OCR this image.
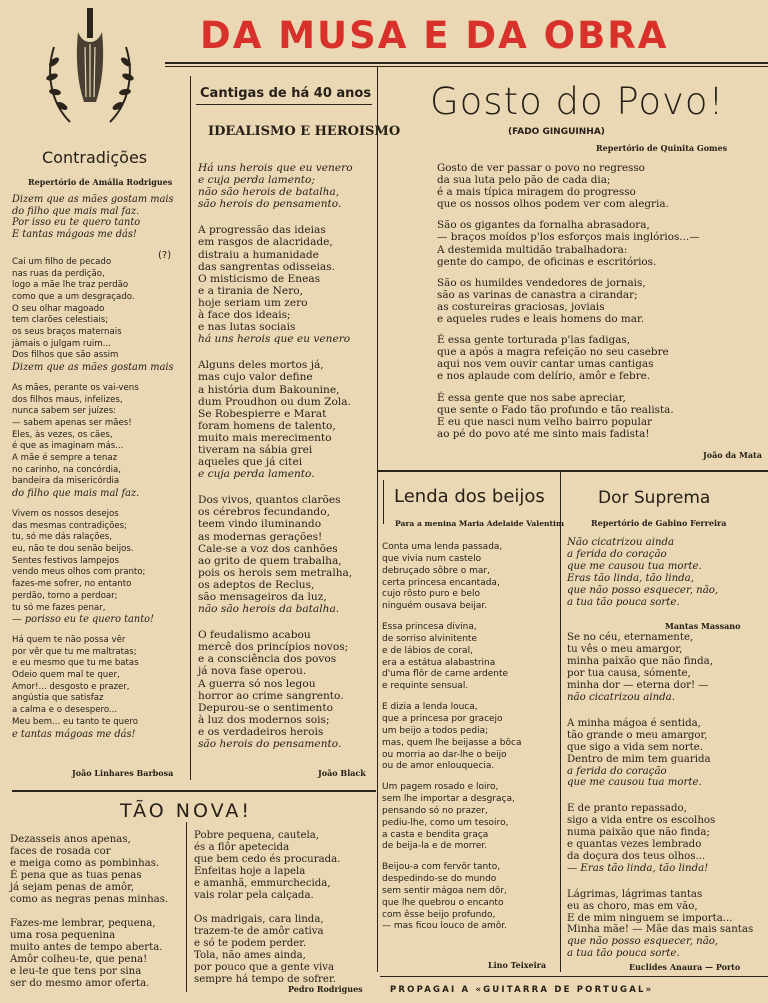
DA MUSA E DA OBRA
Contradições
Repertório de Amália Rodrigues
(?)

Dizem que as mães gostam mais
do filho que mais mal faz.
Por isso eu te quero tanto
E tantas mágoas me dás!

Cai um filho de pecado
nas ruas da perdição,
logo a mãe lhe traz perdão
como que a um desgraçado.
O seu olhar magoado
tem clarões celestiais;
os seus braços maternais
jàmais o julgam ruim...
Dos filhos que são assim
Dizem que as mães gostam mais

As mães, perante os vai-vens
dos filhos maus, infelizes,
nunca sabem ser juízes:
— sabem apenas ser mães!
Eles, às vezes, os cães,
é que as imaginam más...
A mãe é sempre a tenaz
no carinho, na concórdia,
bandeira da misericórdia
do filho que mais mal faz.

Vivem os nossos desejos
das mesmas contradições;
tu, só me dás ralações,
eu, não te dou senão beijos.
Sentes festivos lampejos
vendo meus olhos com pranto;
fazes-me sofrer, no entanto
perdão, torno a perdoar;
tu só me fazes penar,
— porisso eu te quero tanto!

Há quem te não possa vêr
por vêr que tu me maltratas;
e eu mesmo que tu me batas
Odeio quem mal te quer,
Amor!... desgosto e prazer,
angústia que satisfaz
a calma e o desespero...
Meu bem... eu tanto te quero
e tantas mágoas me dás!

João Linhares Barbosa
Cantigas de há 40 anos
IDEALISMO E HEROISMO

Há uns herois que eu venero
e cuja perda lamento;
não são herois de batalha,
são herois do pensamento.

A progressão das ideias
em rasgos de alacridade,
distraiu a humanidade
das sangrentas odisseias.
O misticismo de Eneas
e a tirania de Nero,
hoje seriam um zero
à face dos ideais;
e nas lutas sociais
há uns herois que eu venero

Alguns deles mortos já,
mas cujo valor define
a história dum Bakounine,
dum Proudhon ou dum Zola.
Se Robespierre e Marat
foram homens de talento,
muito mais merecimento
tiveram na sábia grei
aqueles que já citei
e cuja perda lamento.

Dos vivos, quantos clarões
os cérebros fecundando,
teem vindo iluminando
as modernas gerações!
Cale-se a voz dos canhões
ao grito de quem trabalha,
pois os herois sem metralha,
os adeptos de Reclus,
são mensageiros da luz,
não são herois da batalha.

O feudalismo acabou
mercê dos princípios novos;
e a consciência dos povos
já nova fase operou.
A guerra só nos legou
horror ao crime sangrento.
Depurou-se o sentimento
à luz dos modernos sois;
e os verdadeiros herois
são herois do pensamento.

João Black
Gosto do Povo!
(FADO GINGUINHA)
Repertório de Quinita Gomes

Gosto de ver passar o povo no regresso
da sua luta pelo pão de cada dia;
é a mais típica miragem do progresso
que os nossos olhos podem ver com alegria.

São os gigantes da fornalha abrasadora,
— braços moídos p'los esforços mais inglórios...—
A destemida multidão trabalhadora:
gente do campo, de oficinas e escritórios.

São os humildes vendedores de jornais,
são as varinas de canastra a cirandar;
as costureiras graciosas, joviais
e aqueles rudes e leais homens do mar.

É essa gente torturada p'las fadigas,
que a após a magra refeição no seu casebre
aqui nos vem ouvir cantar umas cantigas
e nos aplaude com delírio, amôr e febre.

É essa gente que nos sabe apreciar,
que sente o Fado tão profundo e tão realista.
E eu que nasci num velho bairro popular
ao pé do povo até me sinto mais fadista!

João da Mata
Lenda dos beijos
Para a menina Maria Adelaide Valentim

Conta uma lenda passada,
que vivia num castelo
debruçado sôbre o mar,
certa princesa encantada,
cujo rôsto puro e belo
ninguém ousava beijar.

Essa princesa divina,
de sorriso alvinitente
e de lábios de coral,
era a estátua alabastrina
d'uma flôr de carne ardente
e requinte sensual.

E dizia a lenda louca,
que a princesa por gracejo
um beijo a todos pedia;
mas, quem lhe beijasse a bôca
ou morria ao dar-lhe o beijo
ou de amor enlouquecia.

Um pagem rosado e loiro,
sem lhe importar a desgraça,
pensando só no prazer,
pediu-lhe, como um tesoiro,
a casta e bendita graça
de beija-la e de morrer.

Beijou-a com fervôr tanto,
despedindo-se do mundo
sem sentir mágoa nem dôr,
que lhe quebrou o encanto
com êsse beijo profundo,
— mas ficou louco de amôr.

Lino Teixeira
Dor Suprema
Repertório de Gabino Ferreira

Não cicatrizou ainda
a ferida do coração
que me causou tua morte.
Eras tão linda, tão linda,
que não posso esquecer, não,
a tua tão pouca sorte.

Se no céu, eternamente,
tu vês o meu amargor,
minha paixão que não finda,
por tua causa, sómente,
minha dor — eterna dor! —
não cicatrizou ainda.

A minha mágoa é sentida,
tão grande o meu amargor,
que sigo a vida sem norte.
Dentro de mim tem guarida
a ferida do coração
que me causou tua morte.

E de pranto repassado,
sigo a vida entre os escolhos
numa paixão que não finda;
e quantas vezes lembrado
da doçura dos teus olhos...
— Eras tão linda, tão linda!

Lágrimas, lágrimas tantas
eu as choro, mas em vão,
E de mim ninguem se importa...
Minha mãe! — Mãe das mais santas
que não posso esquecer, não,
a tua tão pouca sorte.

Mantas Massano
Euclides Anaura — Porto
TÃO NOVA!

Dezasseis anos apenas,
faces de rosada cor
e meiga como as pombinhas.
É pena que as tuas penas
já sejam penas de amôr,
como as negras penas minhas.

Fazes-me lembrar, pequena,
uma rosa pequenina
muito antes de tempo aberta.
Amôr colheu-te, que pena!
e leu-te que tens por sina
ser do mesmo amor oferta.

Pobre pequena, cautela,
és a flôr apetecida
que bem cedo és procurada.
Enfeitas hoje a lapela
e amanhã, emmurchecida,
vais rolar pela calçada.

Os madrigais, cara linda,
trazem-te de amôr cativa
e só te podem perder.
Tola, não ames ainda,
por pouco que a gente viva
sempre há tempo de sofrer.

Pedro Rodrigues	PROPAGAI A «GUITARRA DE PORTUGAL»
